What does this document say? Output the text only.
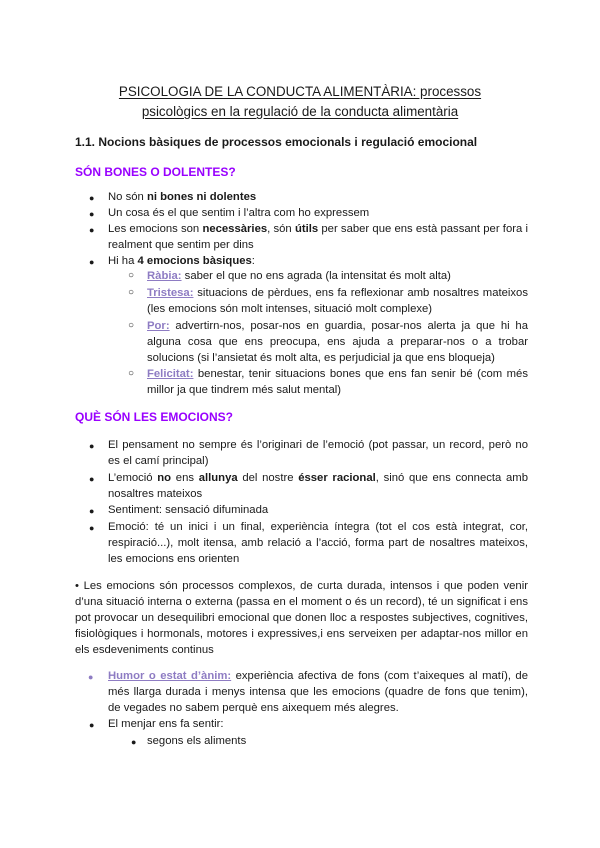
PSICOLOGIA DE LA CONDUCTA ALIMENTÀRIA: processos
psicològics en la regulació de la conducta alimentària
1.1. Nocions bàsiques de processos emocionals i regulació emocional
SÓN BONES O DOLENTES?
● No són ni bones ni dolentes
● Un cosa és el que sentim i l’altra com ho expressem
● Les emocions son necessàries, són útils per saber que ens està passant per fora i realment que sentim per dins
● Hi ha 4 emocions bàsiques:
○ Ràbia: saber el que no ens agrada (la intensitat és molt alta)
○ Tristesa: situacions de pèrdues, ens fa reflexionar amb nosaltres mateixos (les emocions són molt intenses, situació molt complexe)
○ Por: advertirn-nos, posar-nos en guardia, posar-nos alerta ja que hi ha alguna cosa que ens preocupa, ens ajuda a preparar-nos o a trobar solucions (si l’ansietat és molt alta, es perjudicial ja que ens bloqueja)
○ Felicitat: benestar, tenir situacions bones que ens fan senir bé (com més millor ja que tindrem més salut mental)
QUÈ SÓN LES EMOCIONS?
● El pensament no sempre és l’originari de l’emoció (pot passar, un record, però no es el camí principal)
● L’emoció no ens allunya del nostre ésser racional, sinó que ens connecta amb nosaltres mateixos
● Sentiment: sensació difuminada
● Emoció: té un inici i un final, experiència íntegra (tot el cos està integrat, cor, respiració...), molt itensa, amb relació a l’acció, forma part de nosaltres mateixos, les emocions ens orienten
• Les emocions són processos complexos, de curta durada, intensos i que poden venir d’una situació interna o externa (passa en el moment o és un record), té un significat i ens pot provocar un desequilibri emocional que donen lloc a respostes subjectives, cognitives, fisiològiques i hormonals, motores i expressives,i ens serveixen per adaptar-nos millor en els esdeveniments continus
● Humor o estat d’ànim: experiència afectiva de fons (com t’aixeques al matí), de més llarga durada i menys intensa que les emocions (quadre de fons que tenim), de vegades no sabem perquè ens aixequem més alegres.
● El menjar ens fa sentir:
● segons els aliments
